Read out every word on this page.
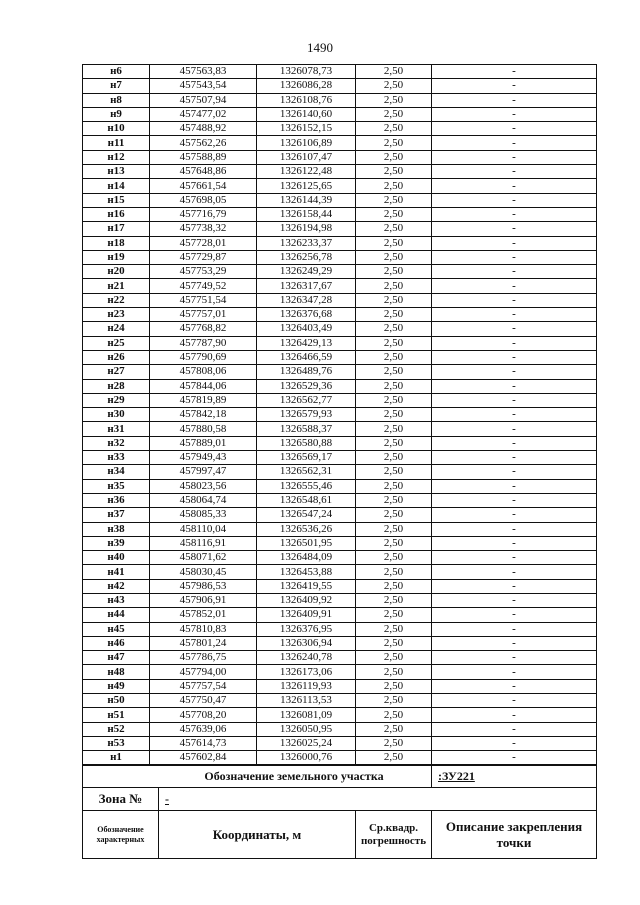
1490
н6	457563,83	1326078,73	2,50	-
н7	457543,54	1326086,28	2,50	-
н8	457507,94	1326108,76	2,50	-
н9	457477,02	1326140,60	2,50	-
н10	457488,92	1326152,15	2,50	-
н11	457562,26	1326106,89	2,50	-
н12	457588,89	1326107,47	2,50	-
н13	457648,86	1326122,48	2,50	-
н14	457661,54	1326125,65	2,50	-
н15	457698,05	1326144,39	2,50	-
н16	457716,79	1326158,44	2,50	-
н17	457738,32	1326194,98	2,50	-
н18	457728,01	1326233,37	2,50	-
н19	457729,87	1326256,78	2,50	-
н20	457753,29	1326249,29	2,50	-
н21	457749,52	1326317,67	2,50	-
н22	457751,54	1326347,28	2,50	-
н23	457757,01	1326376,68	2,50	-
н24	457768,82	1326403,49	2,50	-
н25	457787,90	1326429,13	2,50	-
н26	457790,69	1326466,59	2,50	-
н27	457808,06	1326489,76	2,50	-
н28	457844,06	1326529,36	2,50	-
н29	457819,89	1326562,77	2,50	-
н30	457842,18	1326579,93	2,50	-
н31	457880,58	1326588,37	2,50	-
н32	457889,01	1326580,88	2,50	-
н33	457949,43	1326569,17	2,50	-
н34	457997,47	1326562,31	2,50	-
н35	458023,56	1326555,46	2,50	-
н36	458064,74	1326548,61	2,50	-
н37	458085,33	1326547,24	2,50	-
н38	458110,04	1326536,26	2,50	-
н39	458116,91	1326501,95	2,50	-
н40	458071,62	1326484,09	2,50	-
н41	458030,45	1326453,88	2,50	-
н42	457986,53	1326419,55	2,50	-
н43	457906,91	1326409,92	2,50	-
н44	457852,01	1326409,91	2,50	-
н45	457810,83	1326376,95	2,50	-
н46	457801,24	1326306,94	2,50	-
н47	457786,75	1326240,78	2,50	-
н48	457794,00	1326173,06	2,50	-
н49	457757,54	1326119,93	2,50	-
н50	457750,47	1326113,53	2,50	-
н51	457708,20	1326081,09	2,50	-
н52	457639,06	1326050,95	2,50	-
н53	457614,73	1326025,24	2,50	-
н1	457602,84	1326000,76	2,50	-
Обозначение земельного участка			:ЗУ221
Зона №	-		
Обозначение характерных	Координаты, м	Ср.квадр. погрешность	Описание закрепления точки
